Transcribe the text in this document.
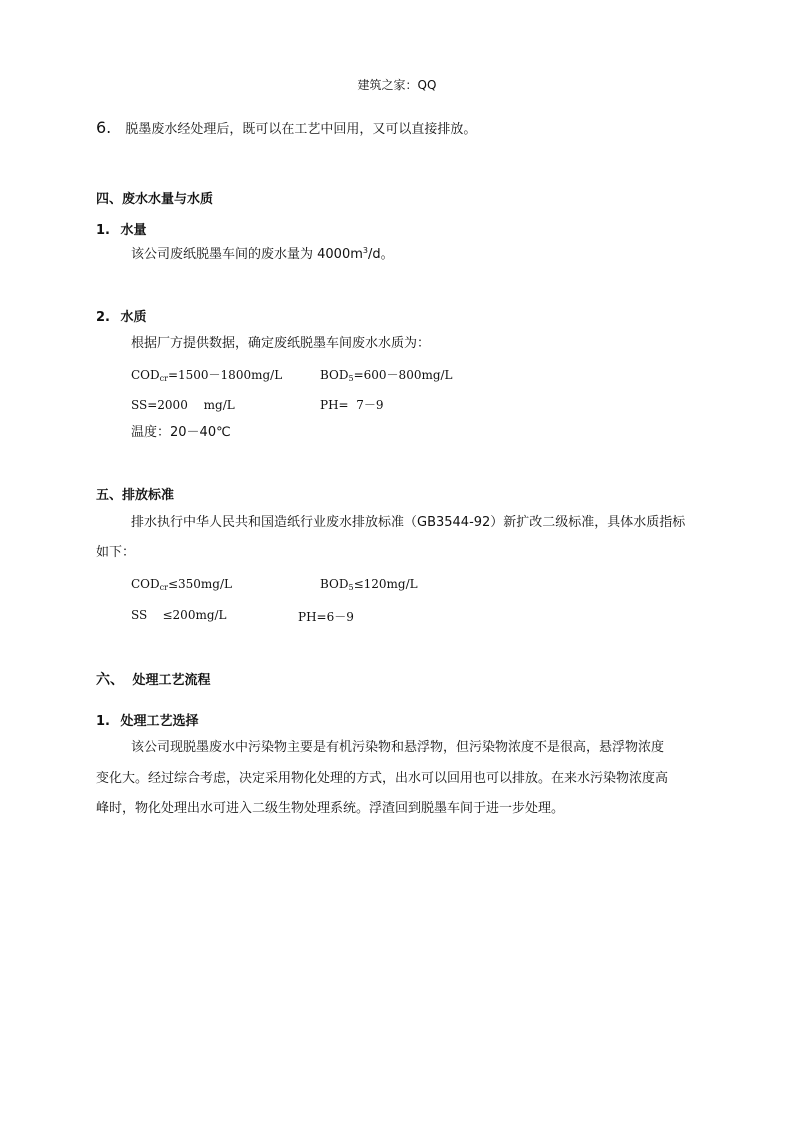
建筑之家：QQ
6. 脱墨废水经处理后，既可以在工艺中回用，又可以直接排放。
四、废水水量与水质
1. 水量
该公司废纸脱墨车间的废水量为 $4000m^3/d$。
2. 水质
根据厂方提供数据，确定废纸脱墨车间废水水质为：
$COD_{cr}=1500-1800mg/L$	$BOD_5=600-800mg/L$
SS=2000　 mg/L	PH=  7－9
温度：20－40℃
五、排放标准
排水执行中华人民共和国造纸行业废水排放标准（GB3544-92）新扩改二级标准，具体水质指标
如下：
$COD_{cr}\le 350mg/L$	$BOD_5\le 120mg/L$
SS    ≤200mg/L	PH=6－9
六、 处理工艺流程
1. 处理工艺选择
该公司现脱墨废水中污染物主要是有机污染物和悬浮物，但污染物浓度不是很高，悬浮物浓度
变化大。经过综合考虑，决定采用物化处理的方式，出水可以回用也可以排放。在来水污染物浓度高
峰时，物化处理出水可进入二级生物处理系统。浮渣回到脱墨车间于进一步处理。
